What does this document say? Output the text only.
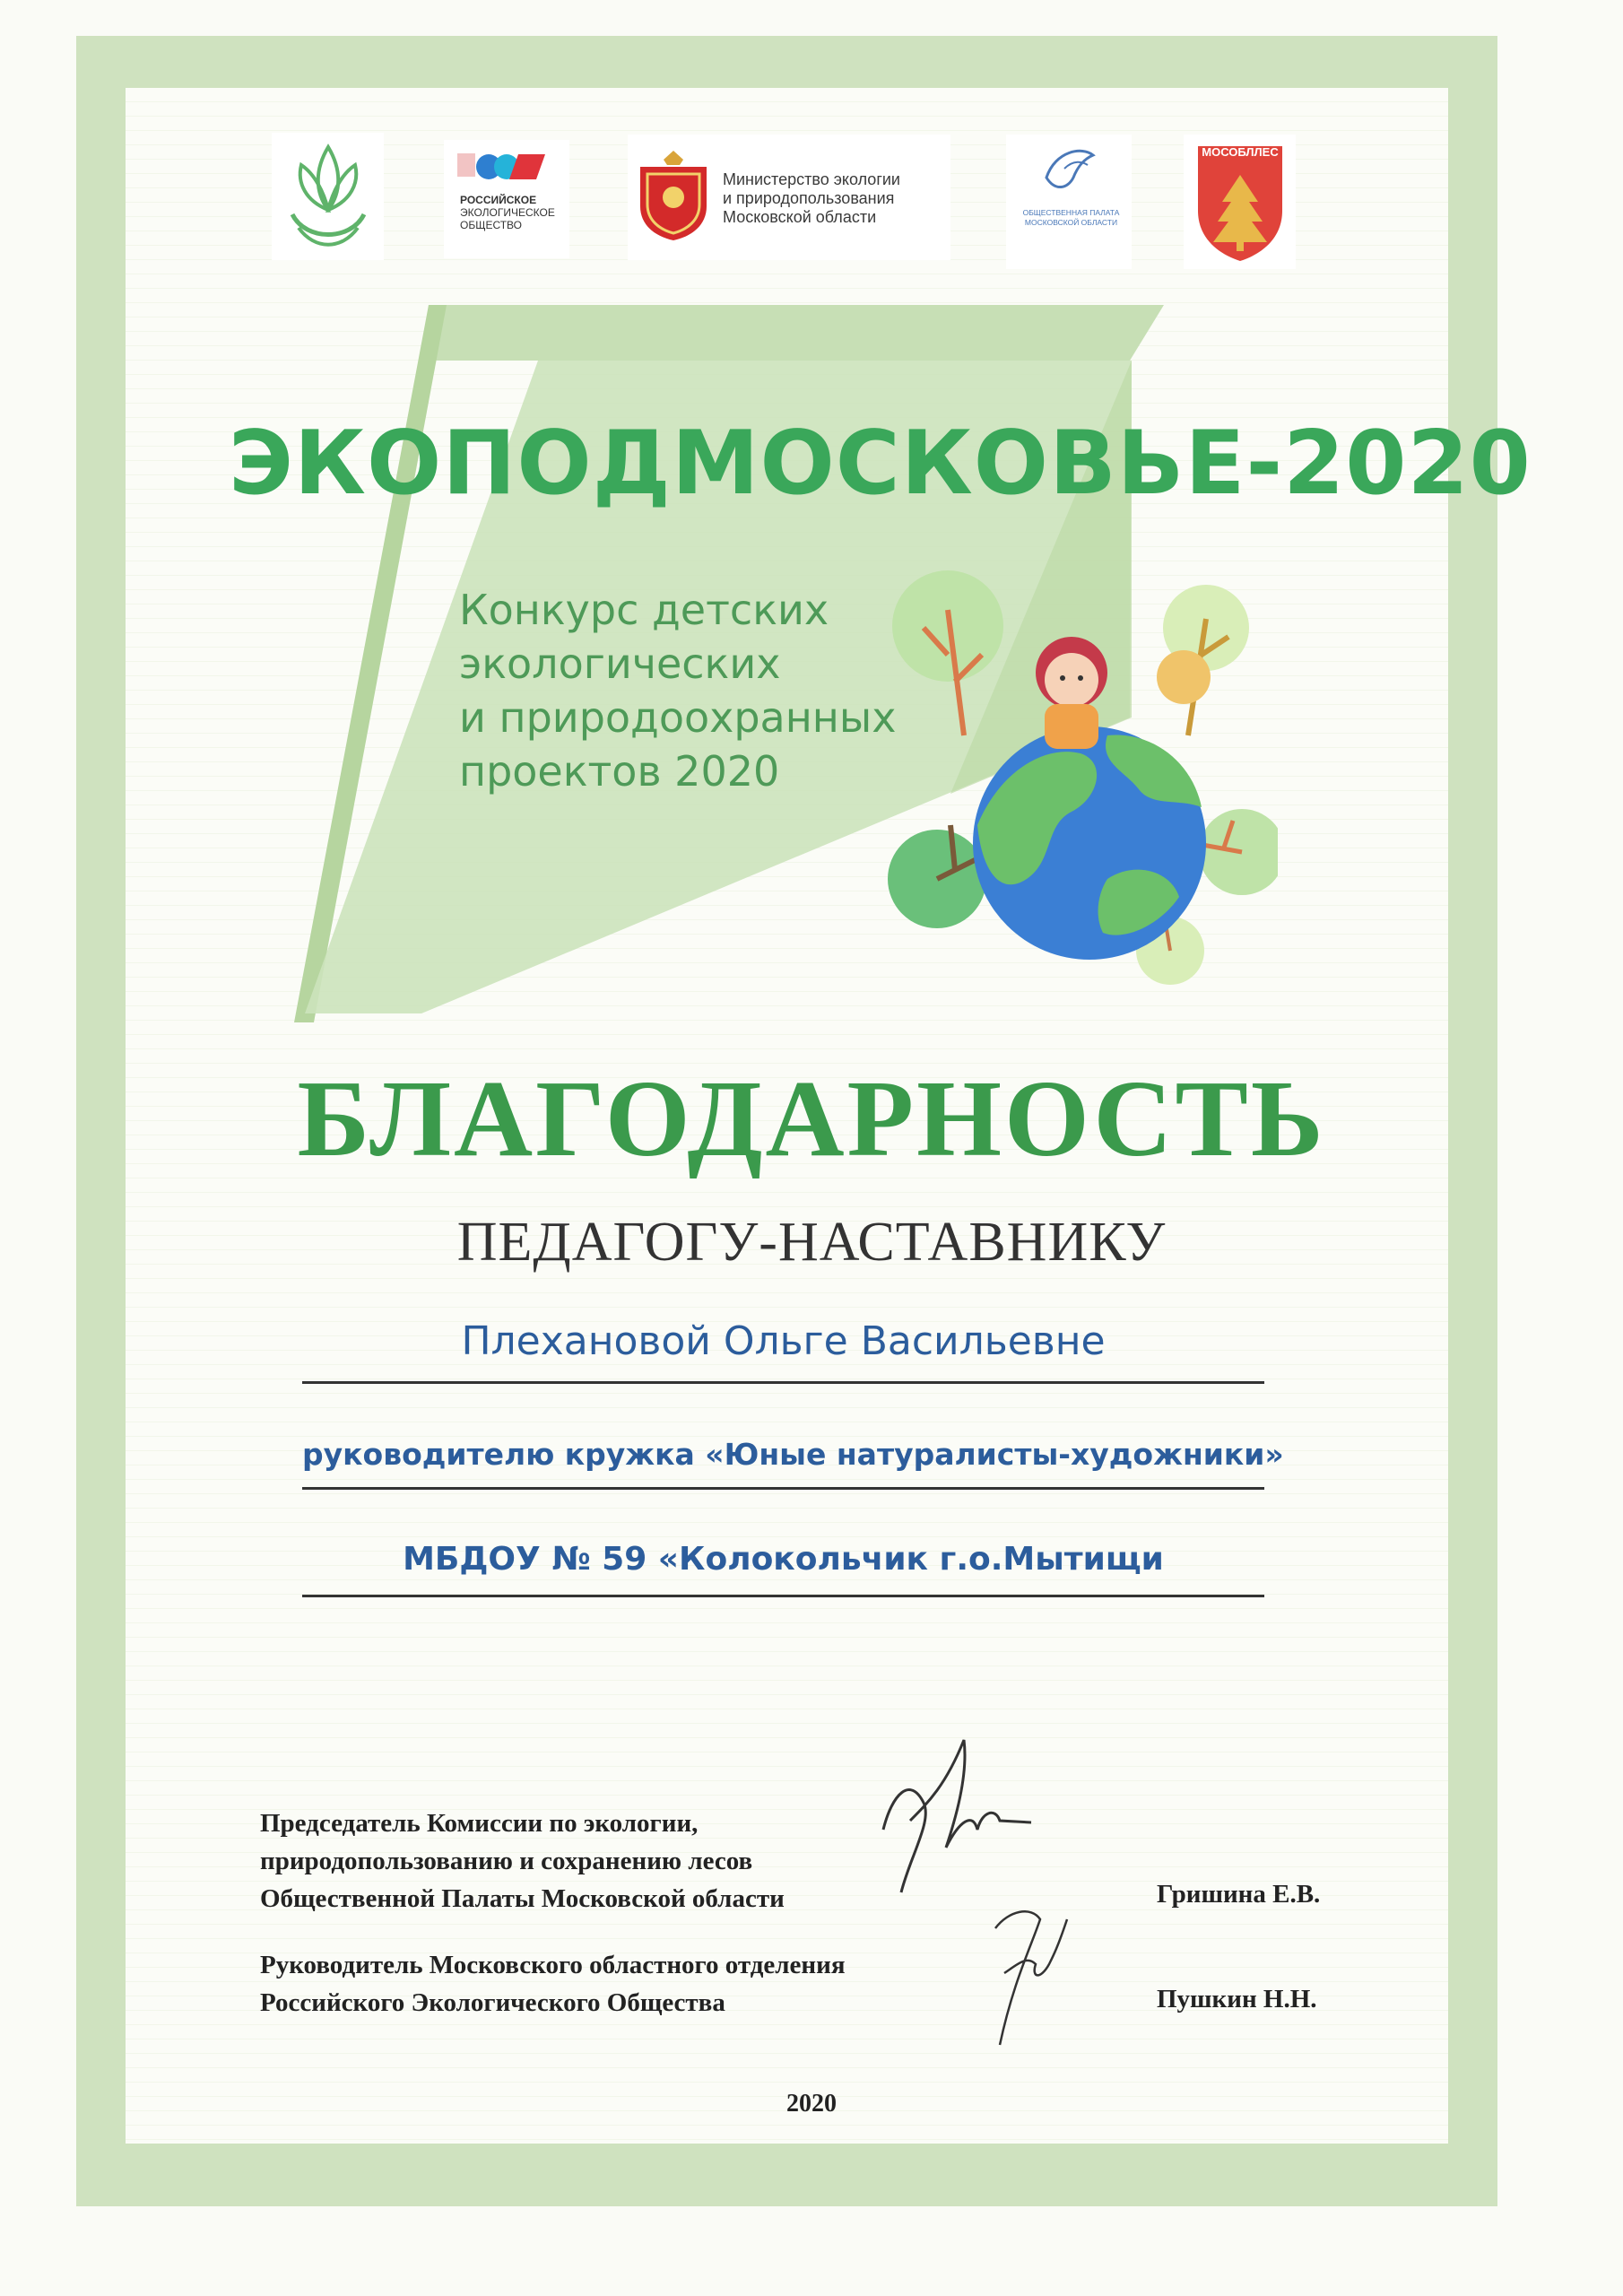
РОССИЙСКОЕ
ЭКОЛОГИЧЕСКОЕ
ОБЩЕСТВО
Министерство экологии
и природопользования
Московской области	ОБЩЕСТВЕННАЯ ПАЛАТА
МОСКОВСКОЙ ОБЛАСТИ
МОСОБЛЛЕС
ЭКОПОДМОСКОВЬЕ-2020
Конкурс детских
экологических
и природоохранных
проектов 2020
БЛАГОДАРНОСТЬ
ПЕДАГОГУ-НАСТАВНИКУ
Плехановой Ольге Васильевне
руководителю кружка «Юные натуралисты-художники»
МБДОУ № 59 «Колокольчик г.о.Мытищи
Председатель Комиссии по экологии,
природопользованию и сохранению лесов
Общественной Палаты Московской области	Гришина Е.В.
Руководитель Московского областного отделения
Российского Экологического Общества	Пушкин Н.Н.
2020
